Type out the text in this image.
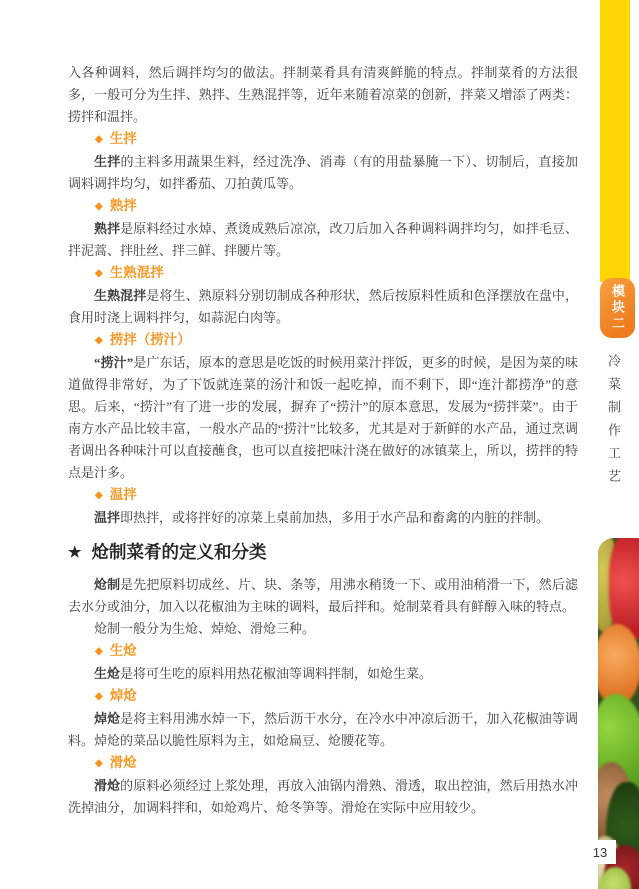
入各种调料，然后调拌均匀的做法。拌制菜肴具有清爽鲜脆的特点。拌制菜肴的方法很多，一般可分为生拌、熟拌、生熟混拌等，近年来随着凉菜的创新，拌菜又增添了两类：捞拌和温拌。

◆ 生拌

生拌的主料多用蔬果生料，经过洗净、消毒（有的用盐暴腌一下）、切制后，直接加调料调拌均匀，如拌番茄、刀拍黄瓜等。

◆ 熟拌

熟拌是原料经过水焯、煮烫成熟后凉凉，改刀后加入各种调料调拌均匀，如拌毛豆、拌泥蒿、拌肚丝、拌三鲜、拌腰片等。

◆ 生熟混拌

生熟混拌是将生、熟原料分别切制成各种形状，然后按原料性质和色泽摆放在盘中，食用时浇上调料拌匀，如蒜泥白肉等。

◆ 捞拌（捞汁）

“捞汁”是广东话，原本的意思是吃饭的时候用菜汁拌饭，更多的时候，是因为菜的味道做得非常好，为了下饭就连菜的汤汁和饭一起吃掉，而不剩下，即“连汁都捞净”的意思。后来，“捞汁”有了进一步的发展，摒弃了“捞汁”的原本意思，发展为“捞拌菜”。由于南方水产品比较丰富，一般水产品的“捞汁”比较多，尤其是对于新鲜的水产品，通过烹调者调出各种味汁可以直接蘸食，也可以直接把味汁浇在做好的冰镇菜上，所以，捞拌的特点是汁多。

◆ 温拌

温拌即热拌，或将拌好的凉菜上桌前加热，多用于水产品和畜禽的内脏的拌制。

★ 炝制菜肴的定义和分类

炝制是先把原料切成丝、片、块、条等，用沸水稍烫一下、或用油稍滑一下，然后滤去水分或油分，加入以花椒油为主味的调料，最后拌和。炝制菜肴具有鲜醇入味的特点。

炝制一般分为生炝、焯炝、滑炝三种。

◆ 生炝

生炝是将可生吃的原料用热花椒油等调料拌制，如炝生菜。

◆ 焯炝

焯炝是将主料用沸水焯一下，然后沥干水分，在冷水中冲凉后沥干，加入花椒油等调料。焯炝的菜品以脆性原料为主，如炝扁豆、炝腰花等。

◆ 滑炝

滑炝的原料必须经过上浆处理，再放入油锅内滑熟、滑透，取出控油，然后用热水冲洗掉油分，加调料拌和，如炝鸡片、炝冬笋等。滑炝在实际中应用较少。

模块二
冷菜制作工艺
13
